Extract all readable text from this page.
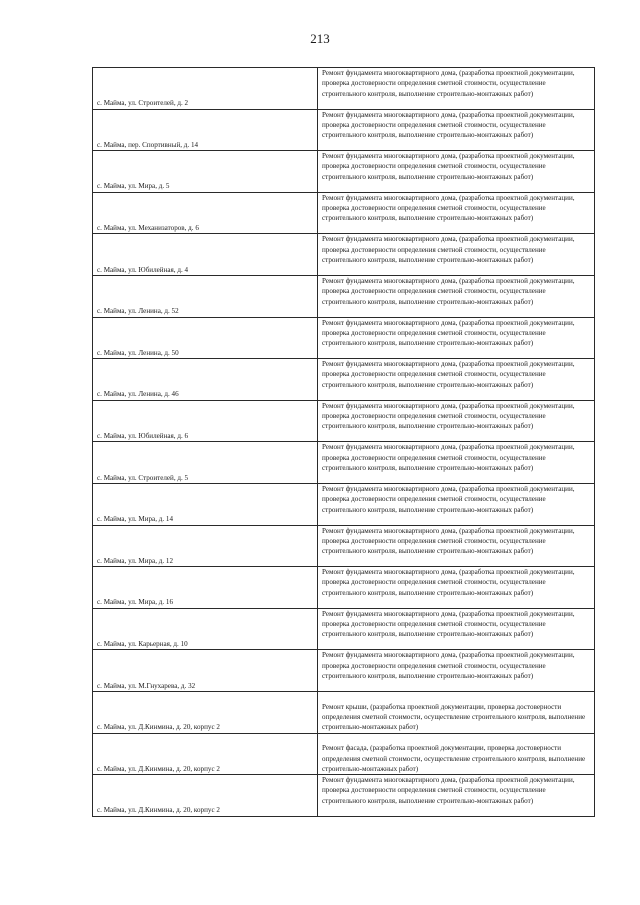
213
с. Майма, ул. Строителей, д. 2	Ремонт фундамента многоквартирного дома, (разработка проектной документации, проверка достоверности определения сметной стоимости, осуществление строительного контроля, выполнение строительно-монтажных работ)
с. Майма, пер. Спортивный, д. 14	Ремонт фундамента многоквартирного дома, (разработка проектной документации, проверка достоверности определения сметной стоимости, осуществление строительного контроля, выполнение строительно-монтажных работ)
с. Майма, ул. Мира, д. 5	Ремонт фундамента многоквартирного дома, (разработка проектной документации, проверка достоверности определения сметной стоимости, осуществление строительного контроля, выполнение строительно-монтажных работ)
с. Майма, ул. Механизаторов, д. 6	Ремонт фундамента многоквартирного дома, (разработка проектной документации, проверка достоверности определения сметной стоимости, осуществление строительного контроля, выполнение строительно-монтажных работ)
с. Майма, ул. Юбилейная, д. 4	Ремонт фундамента многоквартирного дома, (разработка проектной документации, проверка достоверности определения сметной стоимости, осуществление строительного контроля, выполнение строительно-монтажных работ)
с. Майма, ул. Ленина, д. 52	Ремонт фундамента многоквартирного дома, (разработка проектной документации, проверка достоверности определения сметной стоимости, осуществление строительного контроля, выполнение строительно-монтажных работ)
с. Майма, ул. Ленина, д. 50	Ремонт фундамента многоквартирного дома, (разработка проектной документации, проверка достоверности определения сметной стоимости, осуществление строительного контроля, выполнение строительно-монтажных работ)
с. Майма, ул. Ленина, д. 46	Ремонт фундамента многоквартирного дома, (разработка проектной документации, проверка достоверности определения сметной стоимости, осуществление строительного контроля, выполнение строительно-монтажных работ)
с. Майма, ул. Юбилейная, д. 6	Ремонт фундамента многоквартирного дома, (разработка проектной документации, проверка достоверности определения сметной стоимости, осуществление строительного контроля, выполнение строительно-монтажных работ)
с. Майма, ул. Строителей, д. 5	Ремонт фундамента многоквартирного дома, (разработка проектной документации, проверка достоверности определения сметной стоимости, осуществление строительного контроля, выполнение строительно-монтажных работ)
с. Майма, ул. Мира, д. 14	Ремонт фундамента многоквартирного дома, (разработка проектной документации, проверка достоверности определения сметной стоимости, осуществление строительного контроля, выполнение строительно-монтажных работ)
с. Майма, ул. Мира, д. 12	Ремонт фундамента многоквартирного дома, (разработка проектной документации, проверка достоверности определения сметной стоимости, осуществление строительного контроля, выполнение строительно-монтажных работ)
с. Майма, ул. Мира, д. 16	Ремонт фундамента многоквартирного дома, (разработка проектной документации, проверка достоверности определения сметной стоимости, осуществление строительного контроля, выполнение строительно-монтажных работ)
с. Майма, ул. Карьерная, д. 10	Ремонт фундамента многоквартирного дома, (разработка проектной документации, проверка достоверности определения сметной стоимости, осуществление строительного контроля, выполнение строительно-монтажных работ)
с. Майма, ул. М.Гнухарева, д. 32	Ремонт фундамента многоквартирного дома, (разработка проектной документации, проверка достоверности определения сметной стоимости, осуществление строительного контроля, выполнение строительно-монтажных работ)
с. Майма, ул. Д.Кинмина, д. 20, корпус 2	Ремонт крыши, (разработка проектной документации, проверка достоверности определения сметной стоимости, осуществление строительного контроля, выполнение строительно-монтажных работ)
с. Майма, ул. Д.Кинмина, д. 20, корпус 2	Ремонт фасада, (разработка проектной документации, проверка достоверности определения сметной стоимости, осуществление строительного контроля, выполнение строительно-монтажных работ)
с. Майма, ул. Д.Кинмина, д. 20, корпус 2	Ремонт фундамента многоквартирного дома, (разработка проектной документации, проверка достоверности определения сметной стоимости, осуществление строительного контроля, выполнение строительно-монтажных работ)
